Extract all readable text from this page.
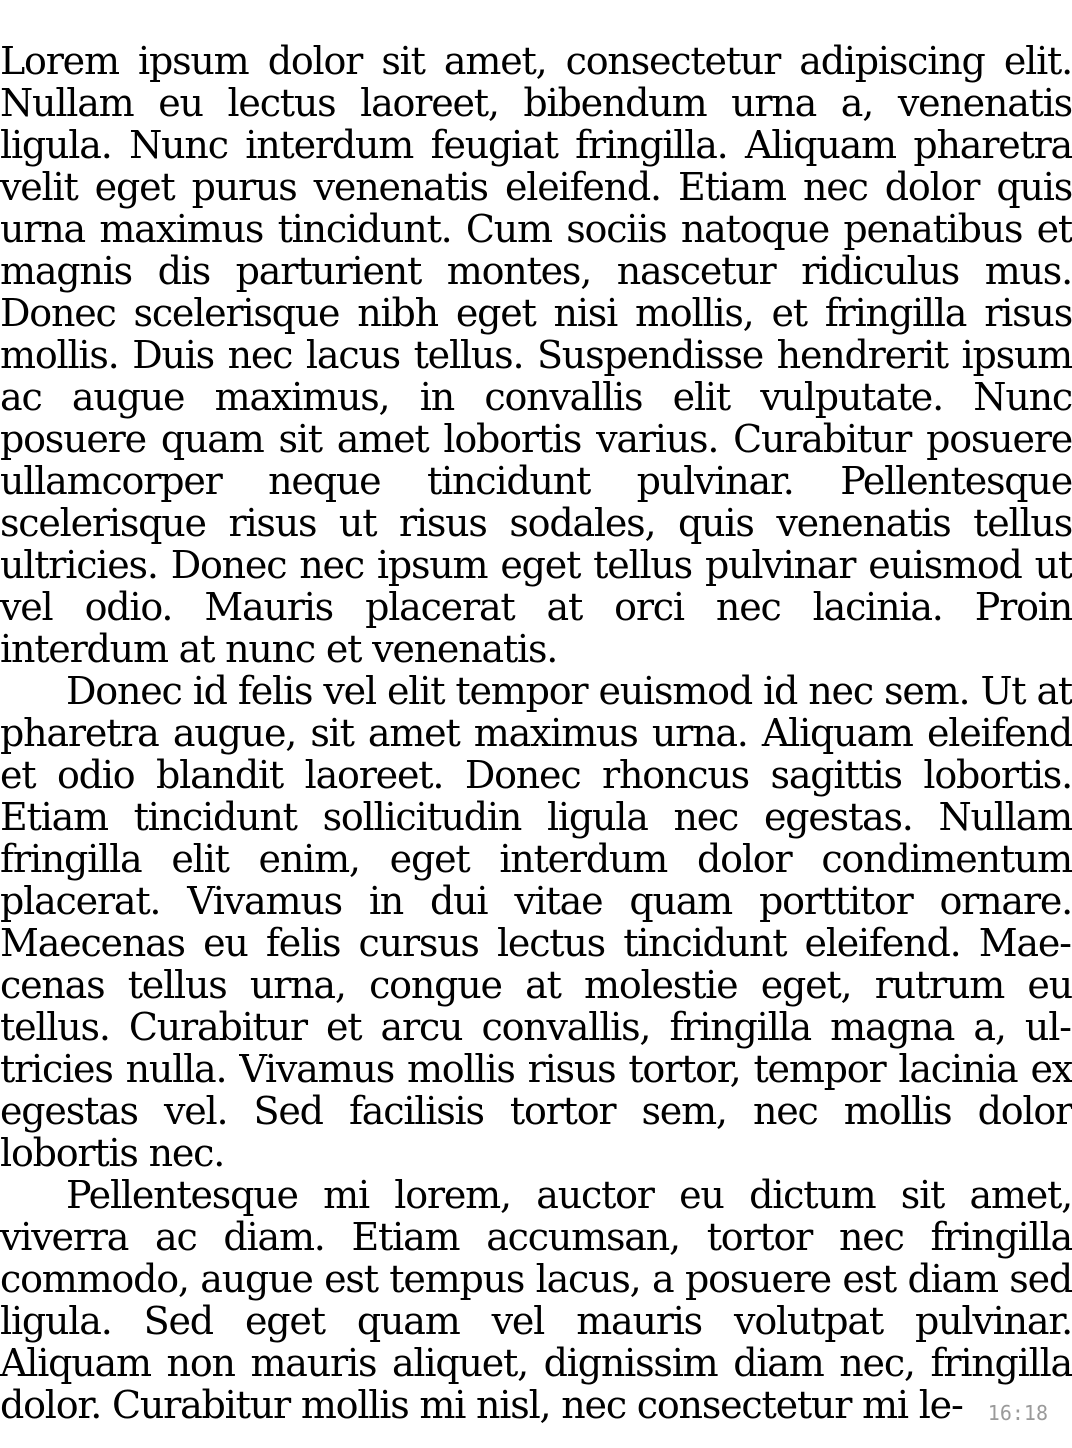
Lorem ipsum dolor sit amet, consectetur adipiscing elit. Nullam eu lectus laoreet, bibendum urna a, venenatis ligula. Nunc interdum feugiat fringilla. Aliquam pharetra velit eget purus venenatis eleifend. Etiam nec dolor quis urna maximus tincidunt. Cum sociis natoque penatibus et magnis dis parturient montes, nascetur ridiculus mus. Donec scelerisque nibh eget nisi mollis, et fringilla risus mollis. Duis nec lacus tellus. Suspendisse hendrerit ipsum ac augue maximus, in convallis elit vulputate. Nunc posuere quam sit amet lobortis varius. Curabitur posuere ullamcorper neque tincidunt pulvinar. Pellentesque scelerisque risus ut risus sodales, quis venenatis tellus ultricies. Donec nec ipsum eget tellus pulvinar euismod ut vel odio. Mauris placerat at orci nec lacinia. Proin interdum at nunc et venenatis.

Donec id felis vel elit tempor euismod id nec sem. Ut at pharetra augue, sit amet maximus urna. Aliquam eleifend et odio blandit laoreet. Donec rhoncus sagittis lobortis. Etiam tincidunt sollicitudin ligula nec egestas. Nullam fringilla elit enim, eget interdum dolor condimentum placerat. Vivamus in dui vitae quam porttitor ornare. Maecenas eu felis cursus lectus tincidunt eleifend. Maecenas tellus urna, congue at molestie eget, rutrum eu tellus. Curabitur et arcu convallis, fringilla magna a, ultricies nulla. Vivamus mollis risus tortor, tempor lacinia ex egestas vel. Sed facilisis tortor sem, nec mollis dolor lobortis nec.

Pellentesque mi lorem, auctor eu dictum sit amet, viverra ac diam. Etiam accumsan, tortor nec fringilla commodo, augue est tempus lacus, a posuere est diam sed ligula. Sed eget quam vel mauris volutpat pulvinar. Aliquam non mauris aliquet, dignissim diam nec, fringilla dolor. Curabitur mollis mi nisl, nec consectetur mi le-	16:18
